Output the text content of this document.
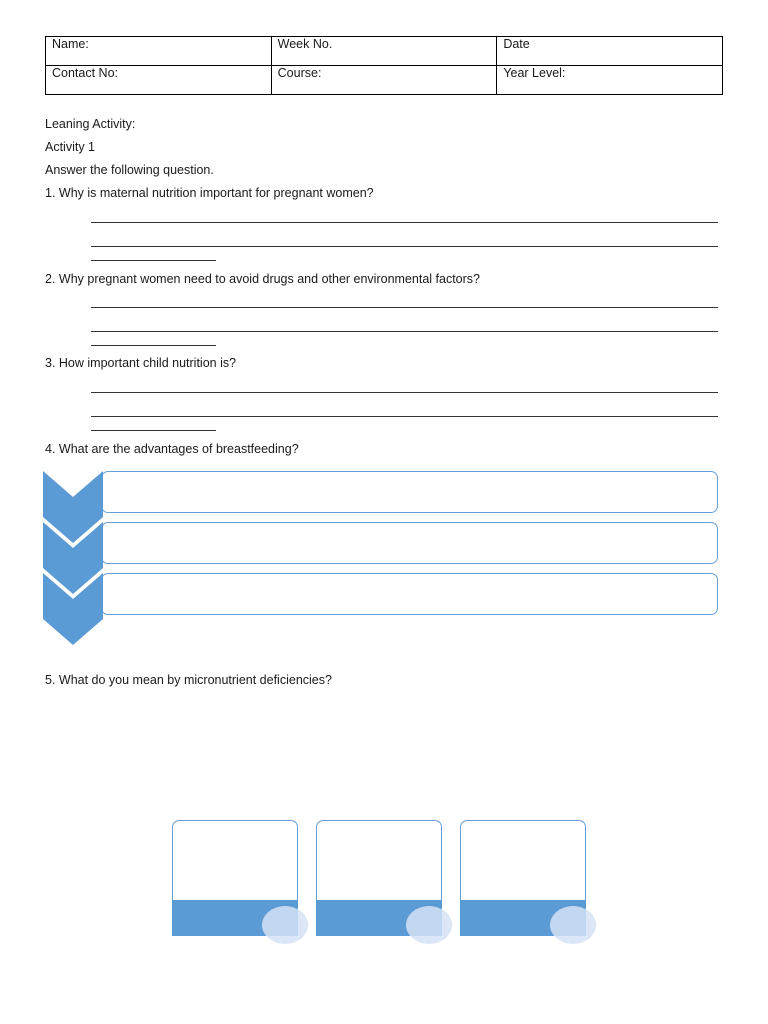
Name:	Week No.	Date
Contact No:	Course:	Year Level:
Leaning Activity:
Activity 1
Answer the following question.
1. Why is maternal nutrition important for pregnant women?
2. Why pregnant women need to avoid drugs and other environmental factors?
3. How important child nutrition is?
4. What are the advantages of breastfeeding?
5. What do you mean by micronutrient deficiencies?
